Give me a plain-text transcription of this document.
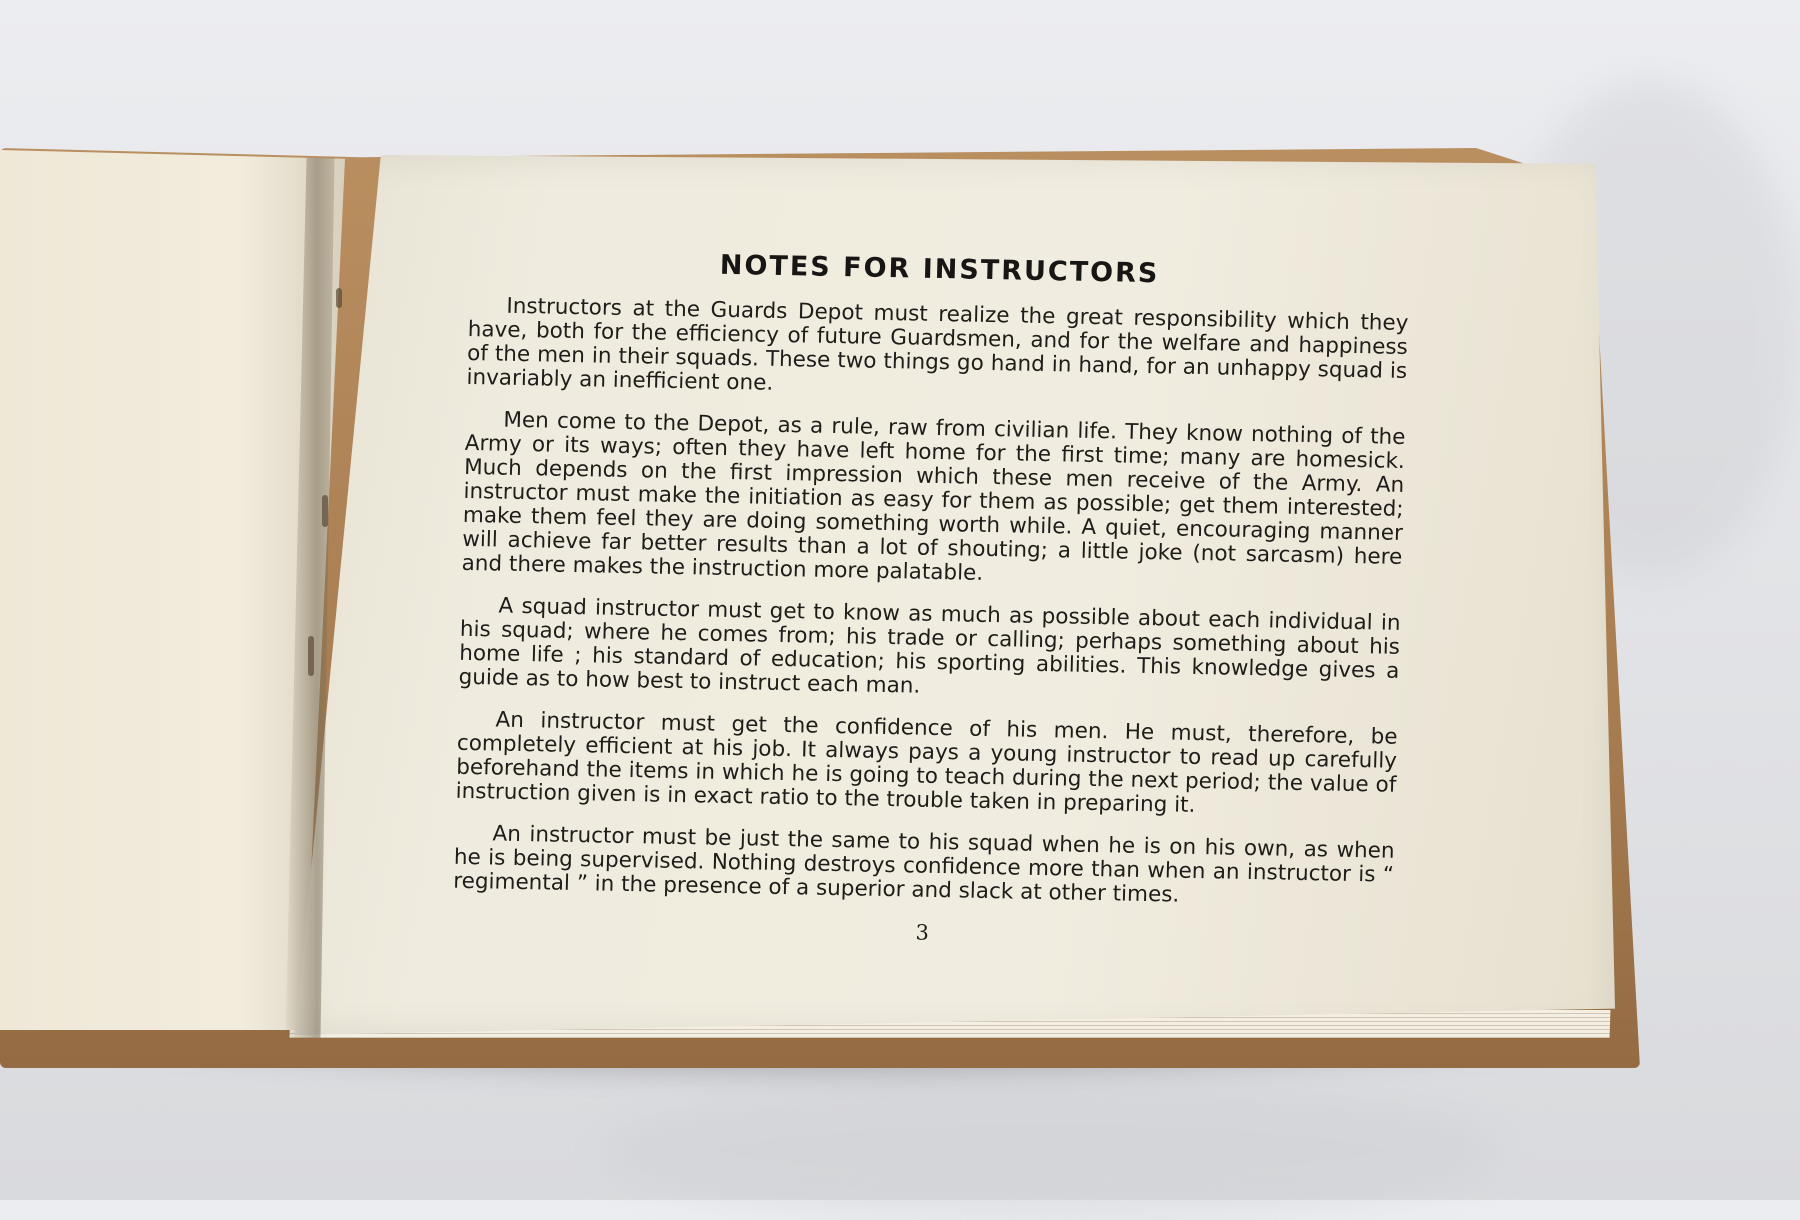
NOTES FOR INSTRUCTORS

Instructors at the Guards Depot must realize the great responsibility which they have, both for the efficiency of future Guardsmen, and for the welfare and happiness of the men in their squads. These two things go hand in hand, for an unhappy squad is invariably an inefficient one.

Men come to the Depot, as a rule, raw from civilian life. They know nothing of the Army or its ways; often they have left home for the first time; many are homesick. Much depends on the first impression which these men receive of the Army. An instructor must make the initiation as easy for them as possible; get them interested; make them feel they are doing something worth while. A quiet, encouraging manner will achieve far better results than a lot of shouting; a little joke (not sarcasm) here and there makes the instruction more palatable.

A squad instructor must get to know as much as possible about each individual in his squad; where he comes from; his trade or calling; perhaps something about his home life ; his standard of education; his sporting abilities. This knowledge gives a guide as to how best to instruct each man.

An instructor must get the confidence of his men. He must, therefore, be completely efficient at his job. It always pays a young instructor to read up carefully beforehand the items in which he is going to teach during the next period; the value of instruction given is in exact ratio to the trouble taken in preparing it.

An instructor must be just the same to his squad when he is on his own, as when he is being supervised. Nothing destroys confidence more than when an instructor is “ regimental ” in the presence of a superior and slack at other times.

3
